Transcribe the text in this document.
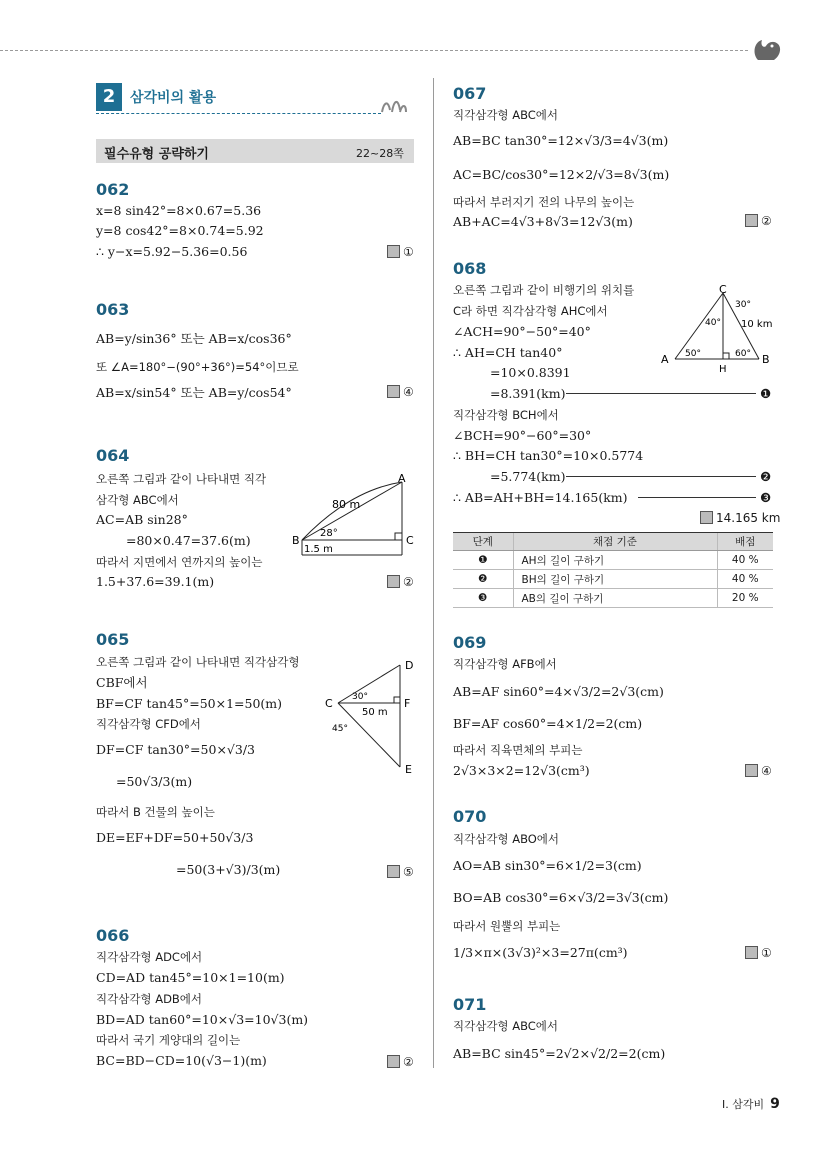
2	삼각비의 활용
필수유형 공략하기	22~28쪽
062
x=8 sin42°=8×0.67=5.36
y=8 cos42°=8×0.74=5.92
∴ y−x=5.92−5.36=0.56	①
063
AB=y/sin36° 또는 AB=x/cos36°
또 ∠A=180°−(90°+36°)=54°이므로
AB=x/sin54° 또는 AB=y/cos54°	④
064
오른쪽 그림과 같이 나타내면 직각
삼각형 ABC에서
AC=AB sin28°
=80×0.47=37.6(m)
따라서 지면에서 연까지의 높이는
1.5+37.6=39.1(m)	②
A
B	C
80 m
28°
1.5 m
065
오른쪽 그림과 같이 나타내면 직각삼각형
CBF에서
BF=CF tan45°=50×1=50(m)
직각삼각형 CFD에서
DF=CF tan30°=50×√3/3
=50√3/3(m)
따라서 B 건물의 높이는
DE=EF+DF=50+50√3/3
=50(3+√3)/3(m)	⑤
C
D
E
F
30°
45°
50 m
066
직각삼각형 ADC에서
CD=AD tan45°=10×1=10(m)
직각삼각형 ADB에서
BD=AD tan60°=10×√3=10√3(m)
따라서 국기 게양대의 길이는
BC=BD−CD=10(√3−1)(m)	②
067
직각삼각형 ABC에서
AB=BC tan30°=12×√3/3=4√3(m)
AC=BC/cos30°=12×2/√3=8√3(m)
따라서 부러지기 전의 나무의 높이는
AB+AC=4√3+8√3=12√3(m)	②
068
오른쪽 그림과 같이 비행기의 위치를
C라 하면 직각삼각형 AHC에서
∠ACH=90°−50°=40°
∴ AH=CH tan40°
=10×0.8391
=8.391(km)	❶
직각삼각형 BCH에서
∠BCH=90°−60°=30°
∴ BH=CH tan30°=10×0.5774
=5.774(km)	❷
∴ AB=AH+BH=14.165(km)	❸
14.165 km
C
A	B
H
30°
40°
50°	60°
10 km
단계	채점 기준	배점
❶	AH의 길이 구하기	40 %
❷	BH의 길이 구하기	40 %
❸	AB의 길이 구하기	20 %
069
직각삼각형 AFB에서
AB=AF sin60°=4×√3/2=2√3(cm)
BF=AF cos60°=4×1/2=2(cm)
따라서 직육면체의 부피는
2√3×3×2=12√3(cm³)	④
070
직각삼각형 ABO에서
AO=AB sin30°=6×1/2=3(cm)
BO=AB cos30°=6×√3/2=3√3(cm)
따라서 원뿔의 부피는
1/3×π×(3√3)²×3=27π(cm³)	①
071
직각삼각형 ABC에서
AB=BC sin45°=2√2×√2/2=2(cm)
Ⅰ. 삼각비 9
